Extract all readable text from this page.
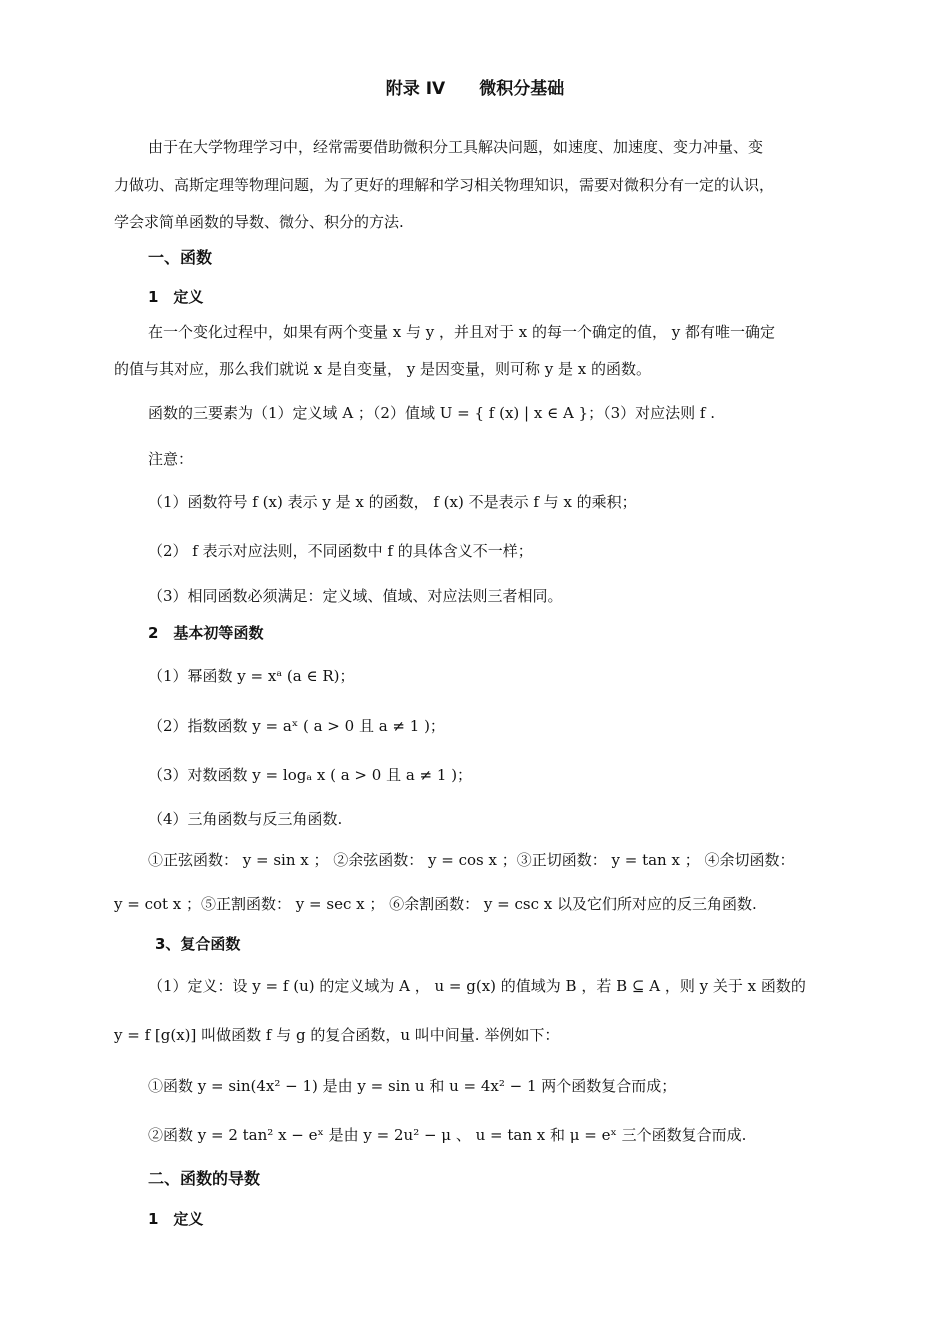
附录 IV　　微积分基础
由于在大学物理学习中，经常需要借助微积分工具解决问题，如速度、加速度、变力冲量、变
力做功、高斯定理等物理问题，为了更好的理解和学习相关物理知识，需要对微积分有一定的认识，
学会求简单函数的导数、微分、积分的方法.
一、函数
1　定义
在一个变化过程中，如果有两个变量 x 与 y ，并且对于 x 的每一个确定的值， y 都有唯一确定
的值与其对应，那么我们就说 x 是自变量， y 是因变量，则可称 y 是 x 的函数。
函数的三要素为（1）定义域 A ；（2）值域 U = { f (x) | x ∈ A }；（3）对应法则 f .
注意：
（1）函数符号 f (x) 表示 y 是 x 的函数， f (x) 不是表示 f 与 x 的乘积；
（2） f 表示对应法则，不同函数中 f 的具体含义不一样；
（3）相同函数必须满足：定义域、值域、对应法则三者相同。
2　基本初等函数
（1）幂函数 y = xᵃ (a ∈ R)；
（2）指数函数 y = aˣ ( a > 0 且 a ≠ 1 )；
（3）对数函数 y = logₐ x ( a > 0 且 a ≠ 1 )；
（4）三角函数与反三角函数.
①正弦函数： y = sin x ； ②余弦函数： y = cos x ；③正切函数： y = tan x ； ④余切函数：
y = cot x ；⑤正割函数： y = sec x ； ⑥余割函数： y = csc x 以及它们所对应的反三角函数.
3、复合函数
（1）定义：设 y = f (u) 的定义域为 A ， u = g(x) 的值域为 B ，若 B ⊆ A ，则 y 关于 x 函数的
y = f [g(x)] 叫做函数 f 与 g 的复合函数，u 叫中间量. 举例如下：
①函数 y = sin(4x² − 1) 是由 y = sin u 和 u = 4x² − 1 两个函数复合而成；
②函数 y = 2 tan² x − eˣ 是由 y = 2u² − μ 、 u = tan x 和 μ = eˣ 三个函数复合而成.
二、函数的导数
1　定义
